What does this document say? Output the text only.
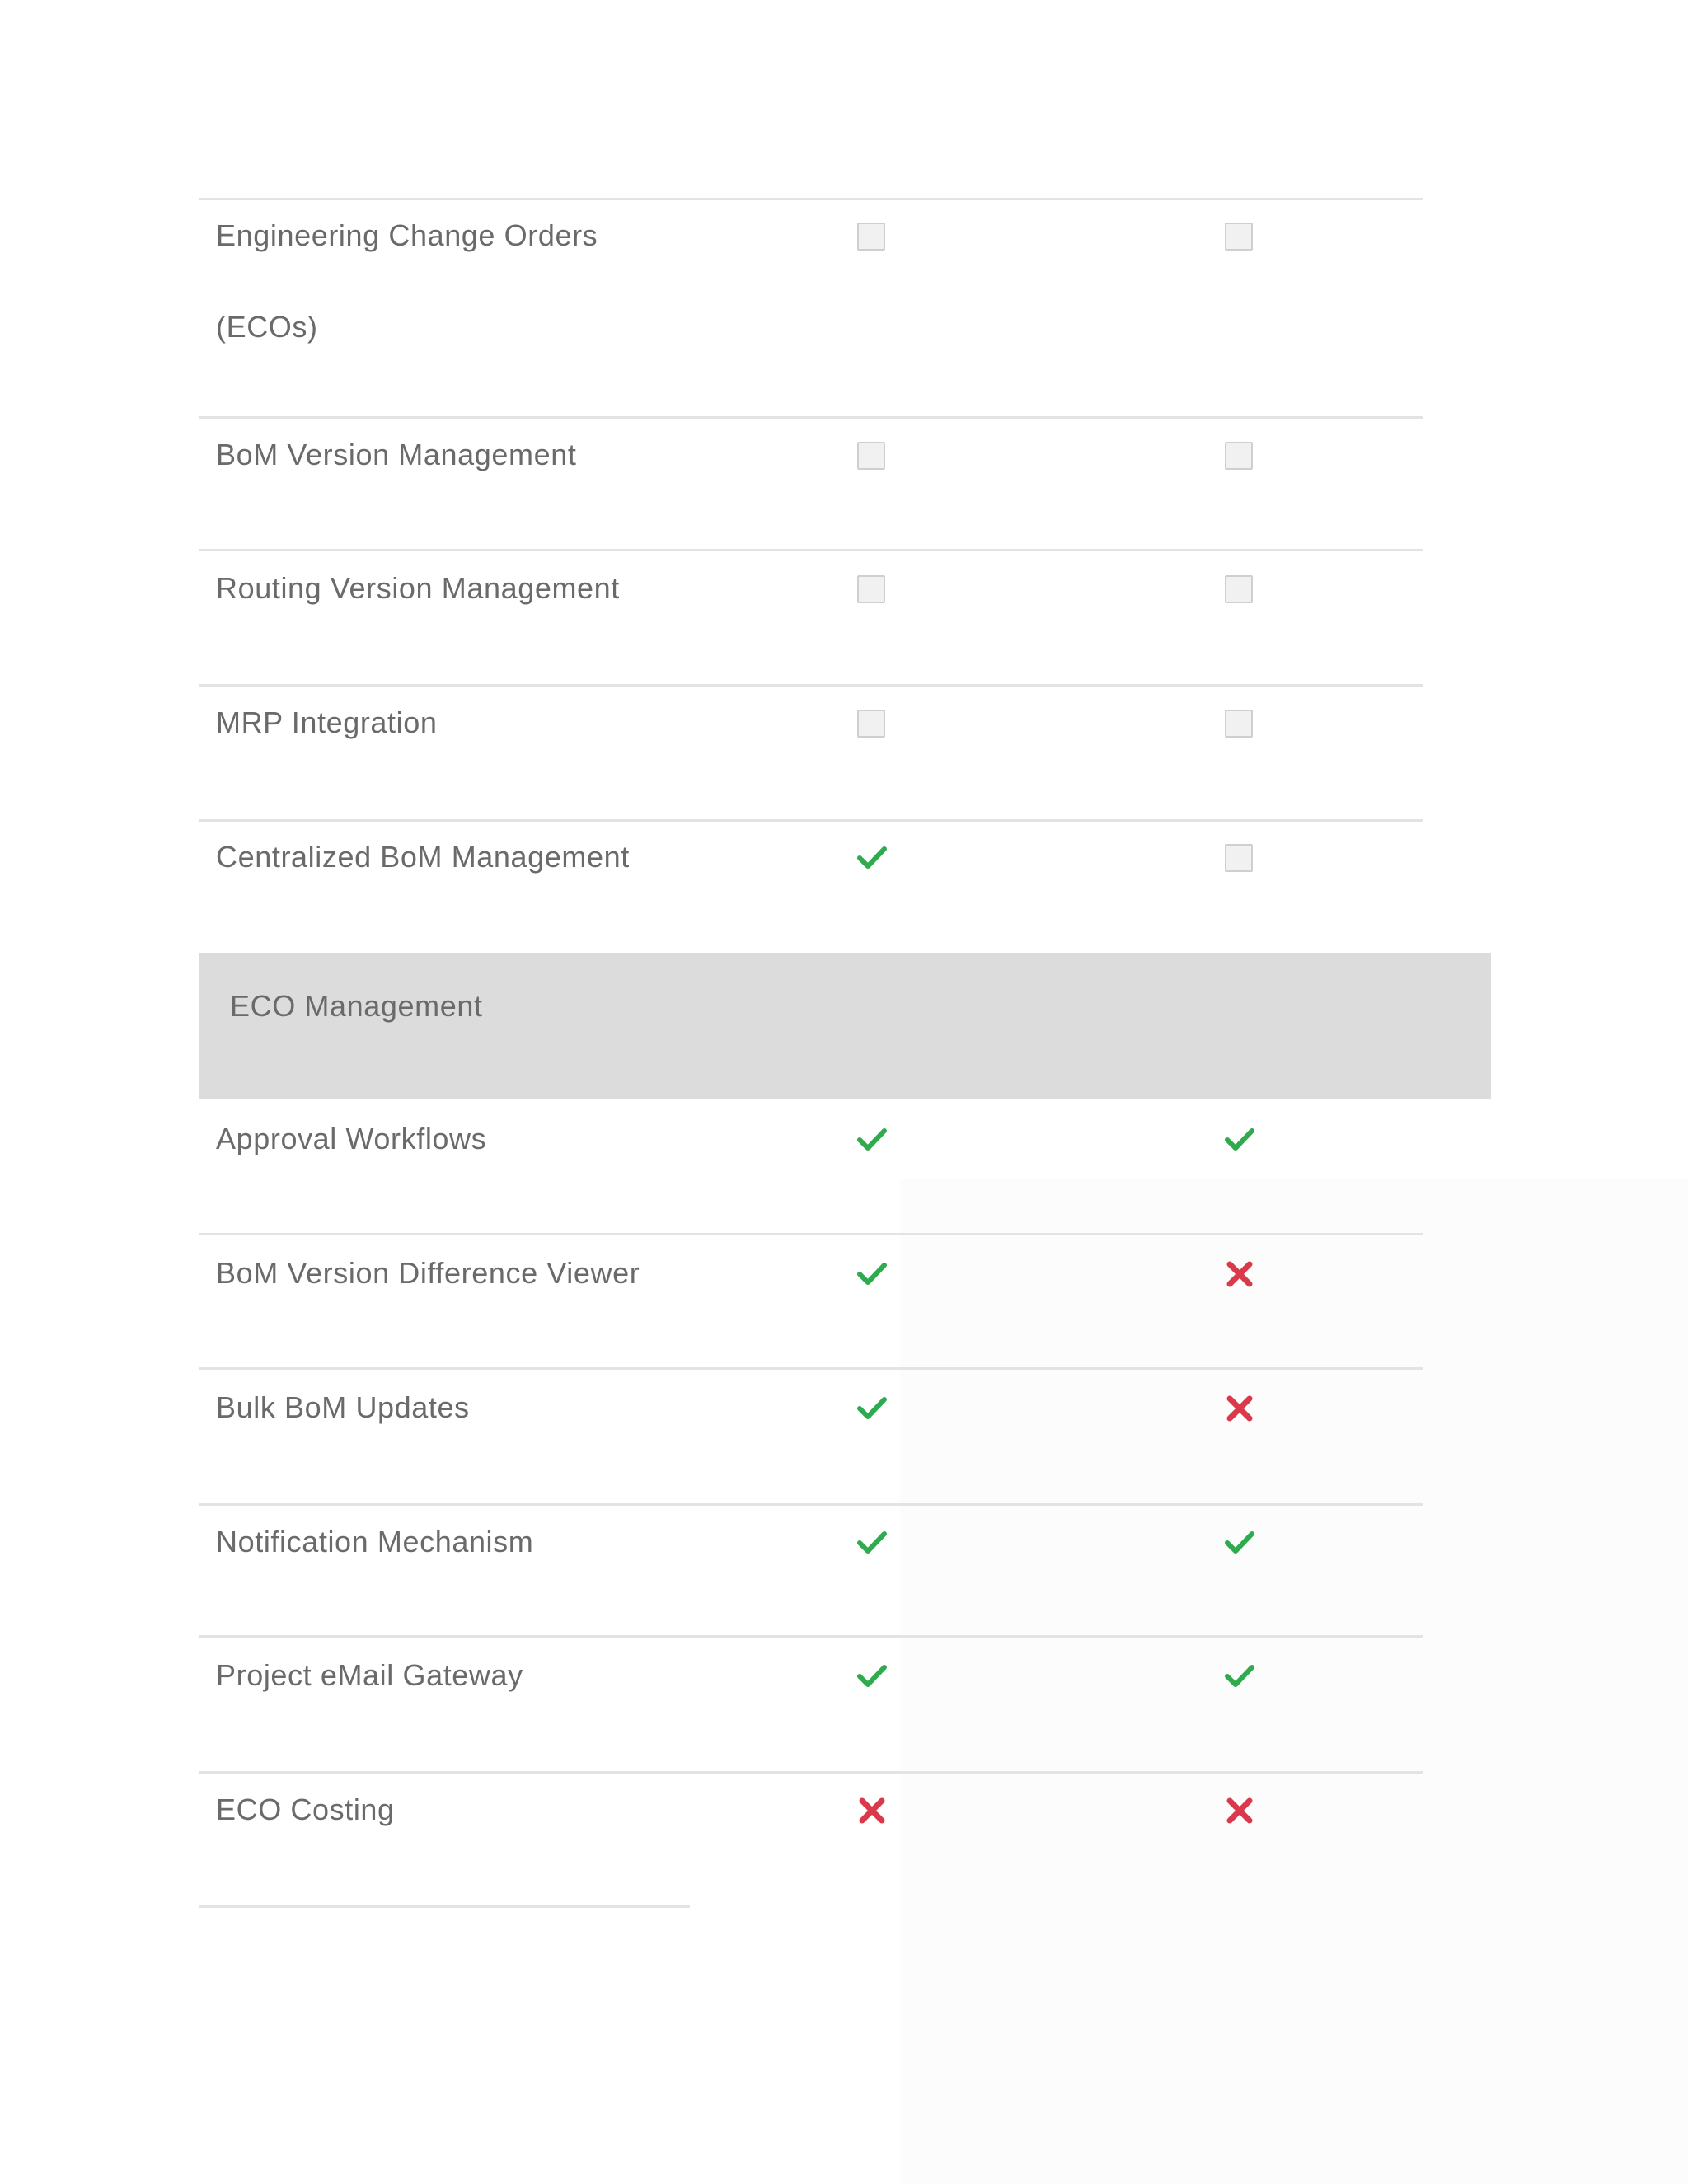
Engineering Change Orders
(ECOs)
BoM Version Management
Routing Version Management
MRP Integration
Centralized BoM Management
ECO Management
Approval Workflows
BoM Version Difference Viewer
Bulk BoM Updates
Notification Mechanism
Project eMail Gateway
ECO Costing
